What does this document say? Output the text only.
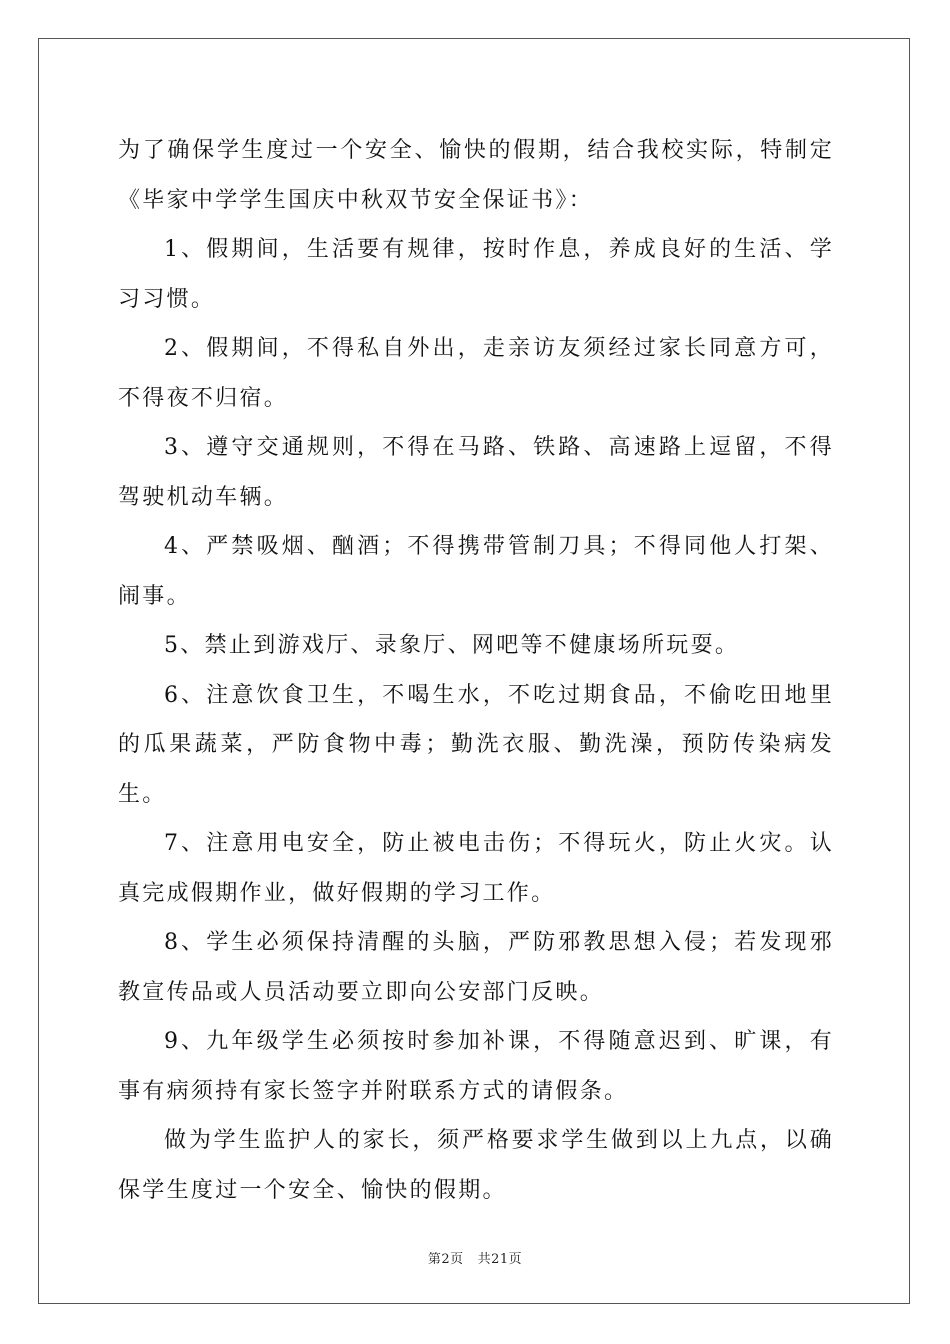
为了确保学生度过一个安全、愉快的假期，结合我校实际，特制定《毕家中学学生国庆中秋双节安全保证书》：

1、假期间，生活要有规律，按时作息，养成良好的生活、学习习惯。

2、假期间，不得私自外出，走亲访友须经过家长同意方可，不得夜不归宿。

3、遵守交通规则，不得在马路、铁路、高速路上逗留，不得驾驶机动车辆。

4、严禁吸烟、酗酒；不得携带管制刀具；不得同他人打架、闹事。

5、禁止到游戏厅、录象厅、网吧等不健康场所玩耍。

6、注意饮食卫生，不喝生水，不吃过期食品，不偷吃田地里的瓜果蔬菜，严防食物中毒；勤洗衣服、勤洗澡，预防传染病发生。

7、注意用电安全，防止被电击伤；不得玩火，防止火灾。认真完成假期作业，做好假期的学习工作。

8、学生必须保持清醒的头脑，严防邪教思想入侵；若发现邪教宣传品或人员活动要立即向公安部门反映。

9、九年级学生必须按时参加补课，不得随意迟到、旷课，有事有病须持有家长签字并附联系方式的请假条。

做为学生监护人的家长，须严格要求学生做到以上九点，以确保学生度过一个安全、愉快的假期。

第2页 共21页
